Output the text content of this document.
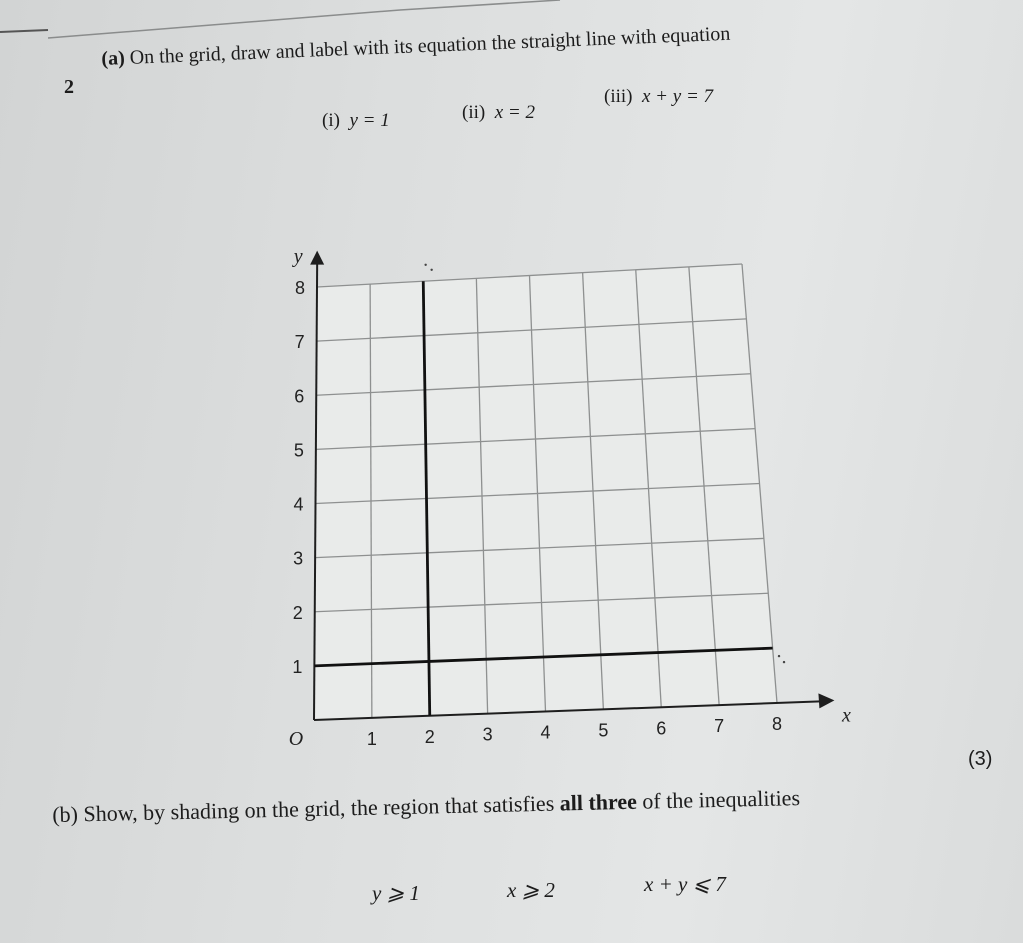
2
(a) On the grid, draw and label with its equation the straight line with equation
(i) y = 1	(ii) x = 2
(iii) x + y = 7
1	2	3	4	5	6	7	8
1
2
3
4
5
6
7
8
O
x
y
(3)
(b) Show, by shading on the grid, the region that satisfies all three of the inequalities
y ⩾ 1	x ⩾ 2	x + y ⩽ 7
